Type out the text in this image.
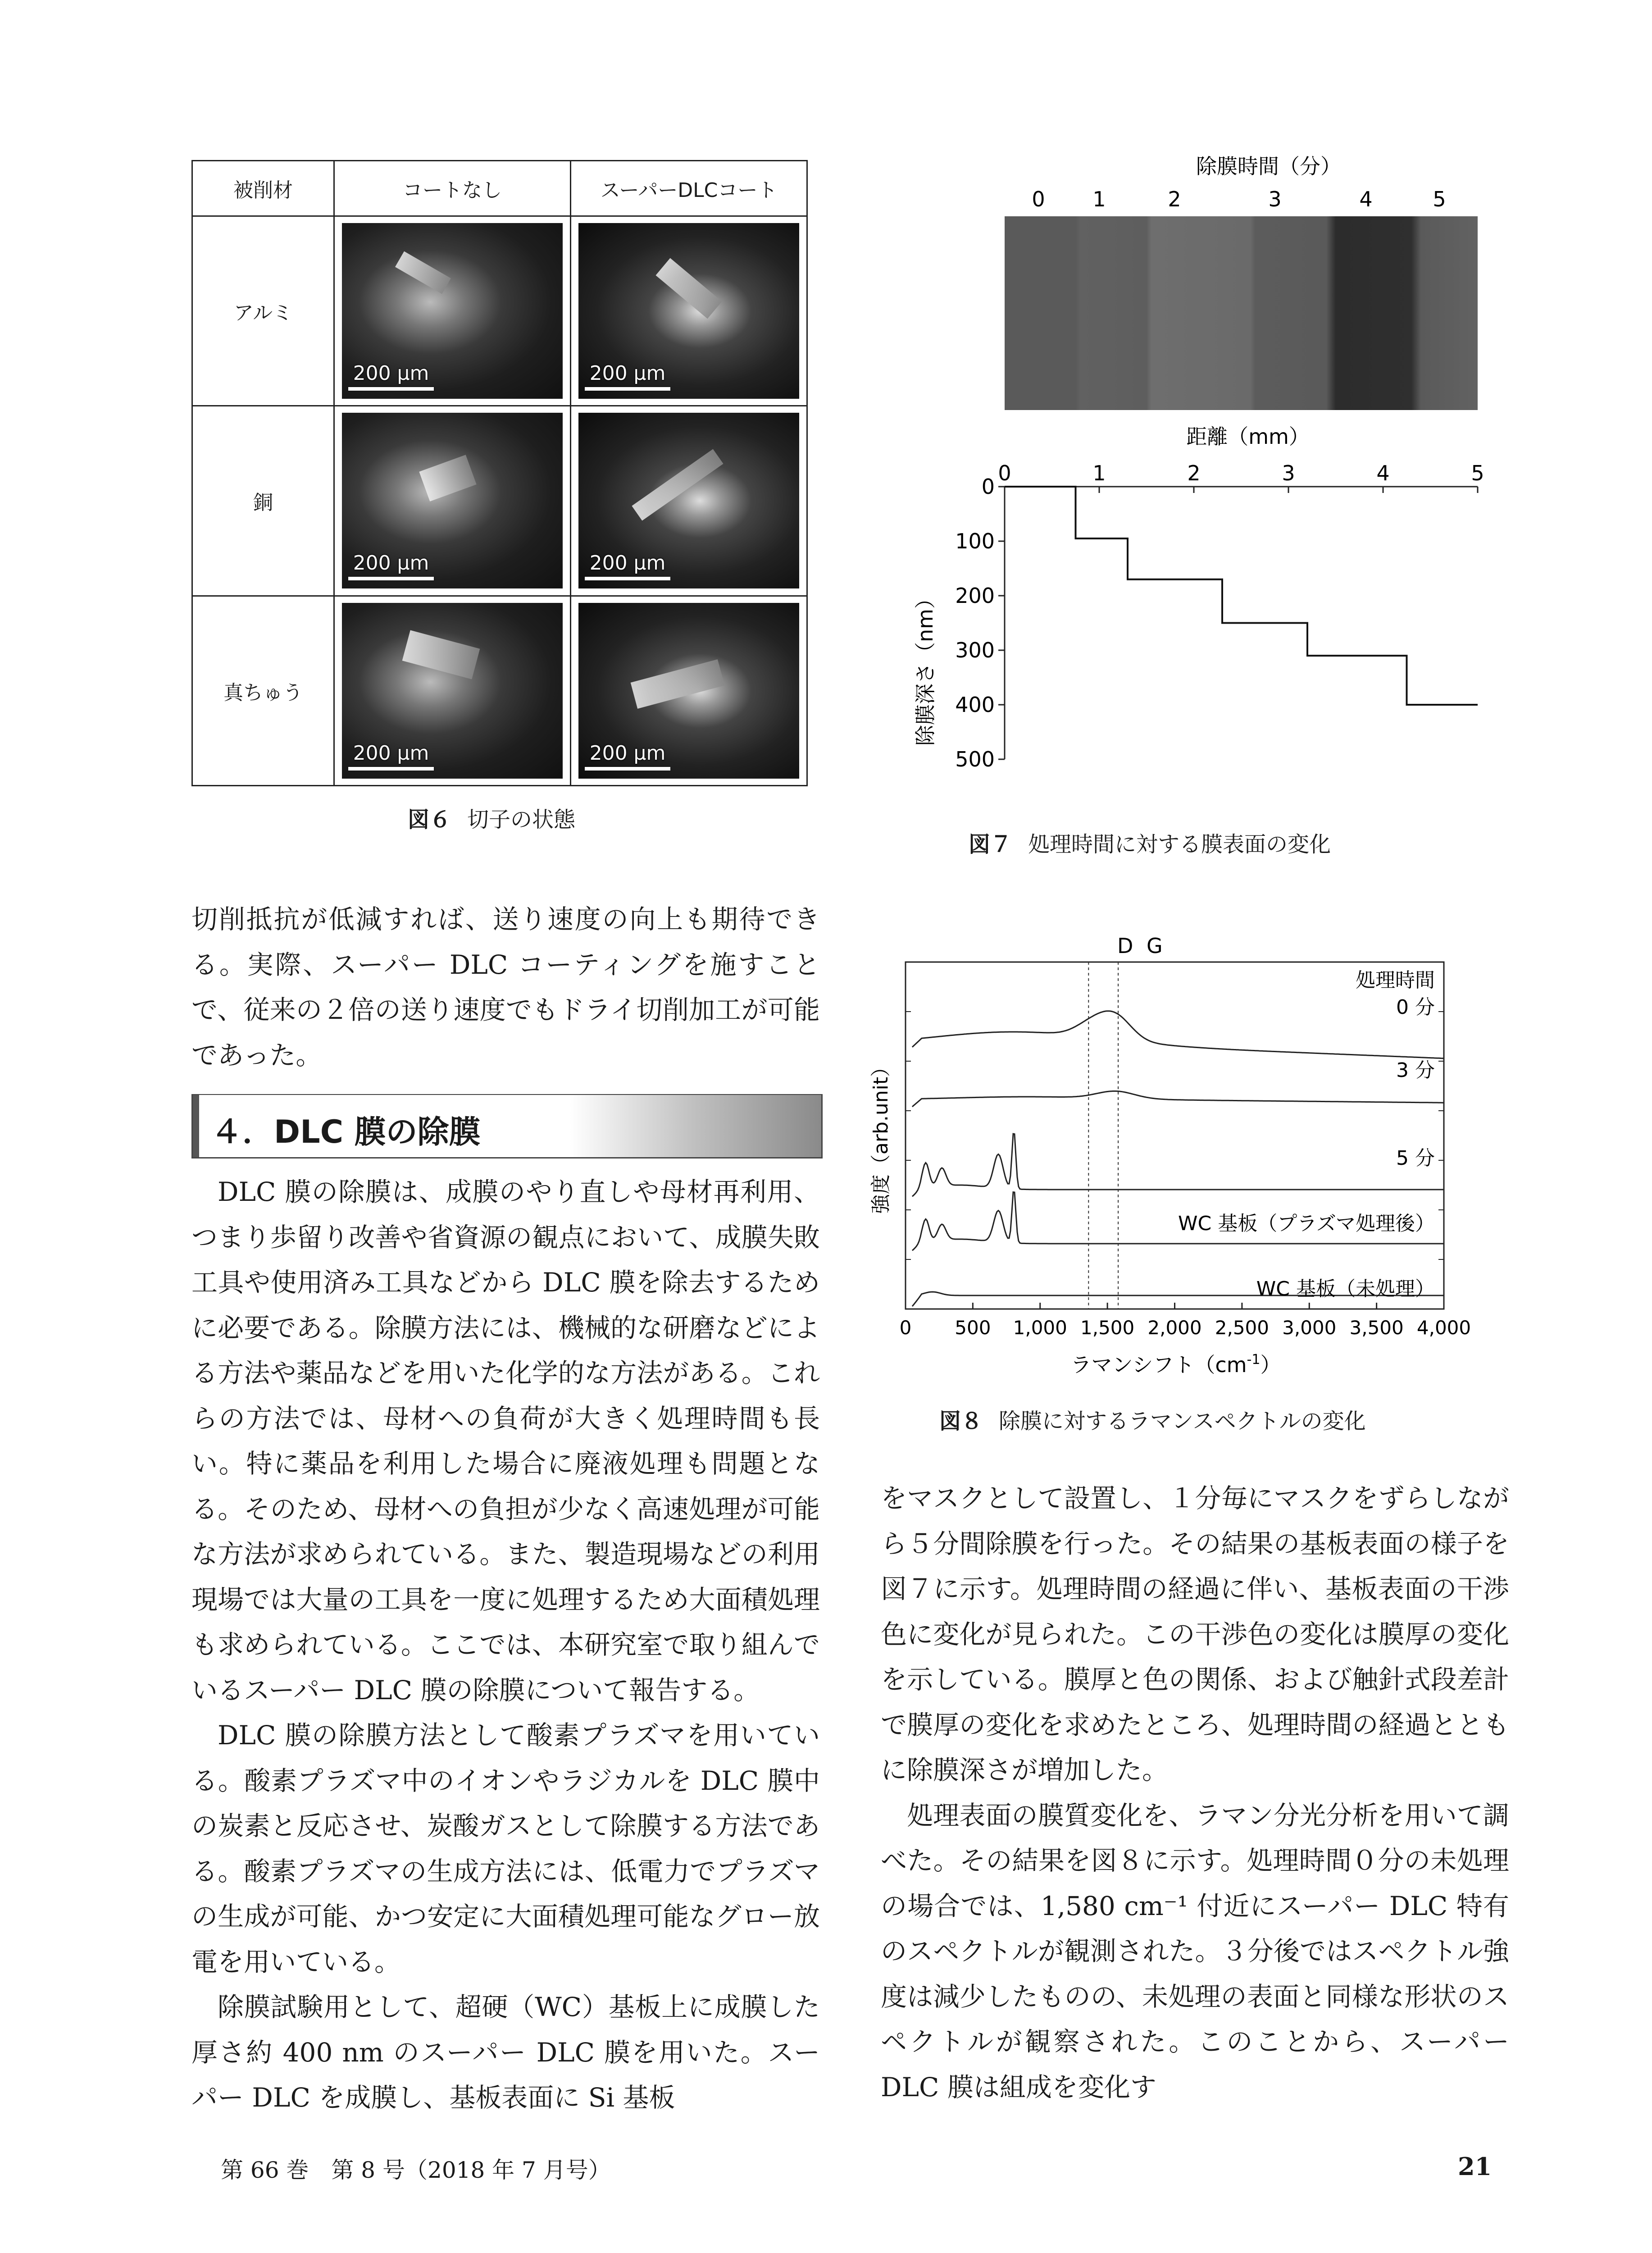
被削材	コートなし	スーパーDLCコート
アルミ	200 μm	200 μm

銅	200 μm	200 μm

真ちゅう	200 μm	200 μm
図６ 切子の状態
除膜時間（分）
0 1	2	3	4	5
距離（mm）
0	1	2	3	4	5
0
100
200
300
400
500
除膜深さ（nm）
図７ 処理時間に対する膜表面の変化
0 500 1,000 1,500 2,000 2,500 3,000 3,500 4,000
D G
処理時間
0 分
3 分
5 分
WC 基板（プラズマ処理後）
WC 基板（未処理）
強度（arb.unit）
ラマンシフト$(cm^{-1})$
図８ 除膜に対するラマンスペクトルの変化

切削抵抗が低減すれば、送り速度の向上も期待できる。実際、スーパー DLC コーティングを施すことで、従来の２倍の送り速度でもドライ切削加工が可能であった。

４．DLC 膜の除膜

DLC 膜の除膜は、成膜のやり直しや母材再利用、つまり歩留り改善や省資源の観点において、成膜失敗工具や使用済み工具などから DLC 膜を除去するために必要である。除膜方法には、機械的な研磨などによる方法や薬品などを用いた化学的な方法がある。これらの方法では、母材への負荷が大きく処理時間も長い。特に薬品を利用した場合に廃液処理も問題となる。そのため、母材への負担が少なく高速処理が可能な方法が求められている。また、製造現場などの利用現場では大量の工具を一度に処理するため大面積処理も求められている。ここでは、本研究室で取り組んでいるスーパー DLC 膜の除膜について報告する。

DLC 膜の除膜方法として酸素プラズマを用いている。酸素プラズマ中のイオンやラジカルを DLC 膜中の炭素と反応させ、炭酸ガスとして除膜する方法である。酸素プラズマの生成方法には、低電力でプラズマの生成が可能、かつ安定に大面積処理可能なグロー放電を用いている。

除膜試験用として、超硬（WC）基板上に成膜した厚さ約 400 nm のスーパー DLC 膜を用いた。スーパー DLC を成膜し、基板表面に Si 基板

をマスクとして設置し、１分毎にマスクをずらしながら５分間除膜を行った。その結果の基板表面の様子を図７に示す。処理時間の経過に伴い、基板表面の干渉色に変化が見られた。この干渉色の変化は膜厚の変化を示している。膜厚と色の関係、および触針式段差計で膜厚の変化を求めたところ、処理時間の経過とともに除膜深さが増加した。

処理表面の膜質変化を、ラマン分光分析を用いて調べた。その結果を図８に示す。処理時間０分の未処理の場合では、1,580 cm⁻¹ 付近にスーパー DLC 特有のスペクトルが観測された。３分後ではスペクトル強度は減少したものの、未処理の表面と同様な形状のスペクトルが観察された。このことから、スーパー DLC 膜は組成を変化す

第 66 巻　第 8 号（2018 年 7 月号）	21
